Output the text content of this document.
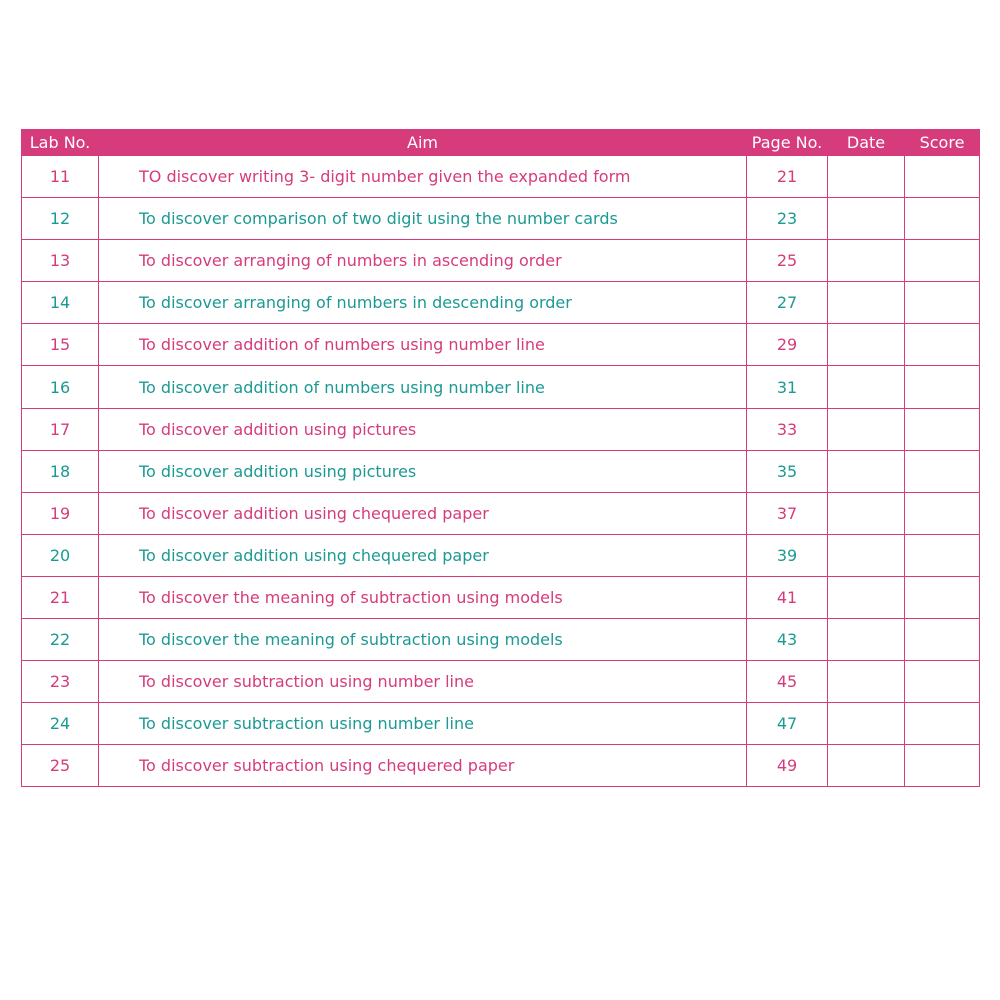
Lab No.	Aim	Page No.	Date	Score
11	TO discover writing 3- digit number given the expanded form	21		
12	To discover comparison of two digit using the number cards	23		
13	To discover arranging of numbers in ascending order	25		
14	To discover arranging of numbers in descending order	27		
15	To discover addition of numbers using number line	29		
16	To discover addition of numbers using number line	31		
17	To discover addition using pictures	33		
18	To discover addition using pictures	35		
19	To discover addition using chequered paper	37		
20	To discover addition using chequered paper	39		
21	To discover the meaning of subtraction using models	41		
22	To discover the meaning of subtraction using models	43		
23	To discover subtraction using number line	45		
24	To discover subtraction using number line	47		
25	To discover subtraction using chequered paper	49		
